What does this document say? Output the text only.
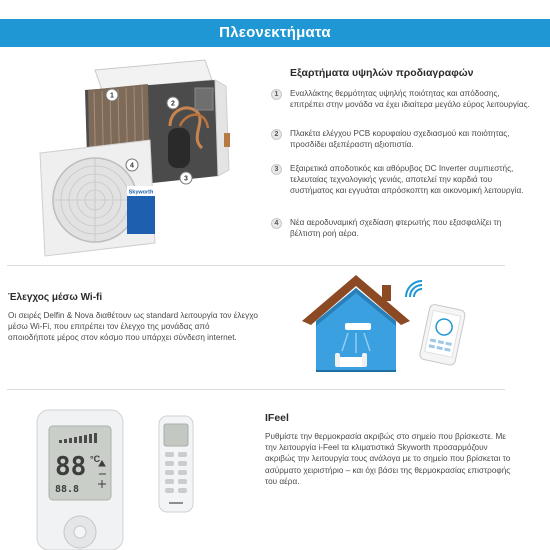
Πλεονεκτήματα
Skyworth
1
2
3
4
Εξαρτήματα υψηλών προδιαγραφών
1	Εναλλάκτης θερμότητας υψηλής ποιότητας και απόδοσης, επιτρέπει στην μονάδα να έχει ιδιαίτερα μεγάλο εύρος λειτουργίας.
2	Πλακέτα ελέγχου PCB κορυφαίου σχεδιασμού και ποιότητας, προσδίδει αξεπέραστη αξιοπιστία.
3	Εξαιρετικά αποδοτικός και αθόρυβος DC Inverter συμπιεστής, τελευταίας τεχνολογικής γενιάς, αποτελεί την καρδιά του συστήματος και εγγυάται απρόσκοπτη και οικονομική λειτουργία.
4	Νέα αεροδυναμική σχεδίαση φτερωτής που εξασφαλίζει τη βέλτιστη ροή αέρα.
Έλεγχος μέσω Wi-fi
Οι σειρές Delfin & Nova διαθέτουν ως standard λειτουργία τον έλεγχο μέσω Wi-Fi, που επιτρέπει τον έλεγχο της μονάδας από οποιοδήποτε μέρος στον κόσμο που υπάρχει σύνδεση internet.
88 °C
88.8
IFeel
Ρυθμίστε την θερμοκρασία ακριβώς στο σημείο που βρίσκεστε. Με την λειτουργία i-Feel τα κλιματιστικά Skyworth προσαρμόζουν ακριβώς την λειτουργία τους ανάλογα με το σημείο που βρίσκεται το ασύρματο χειριστήριο – και όχι βάσει της θερμοκρασίας επιστροφής του αέρα.
